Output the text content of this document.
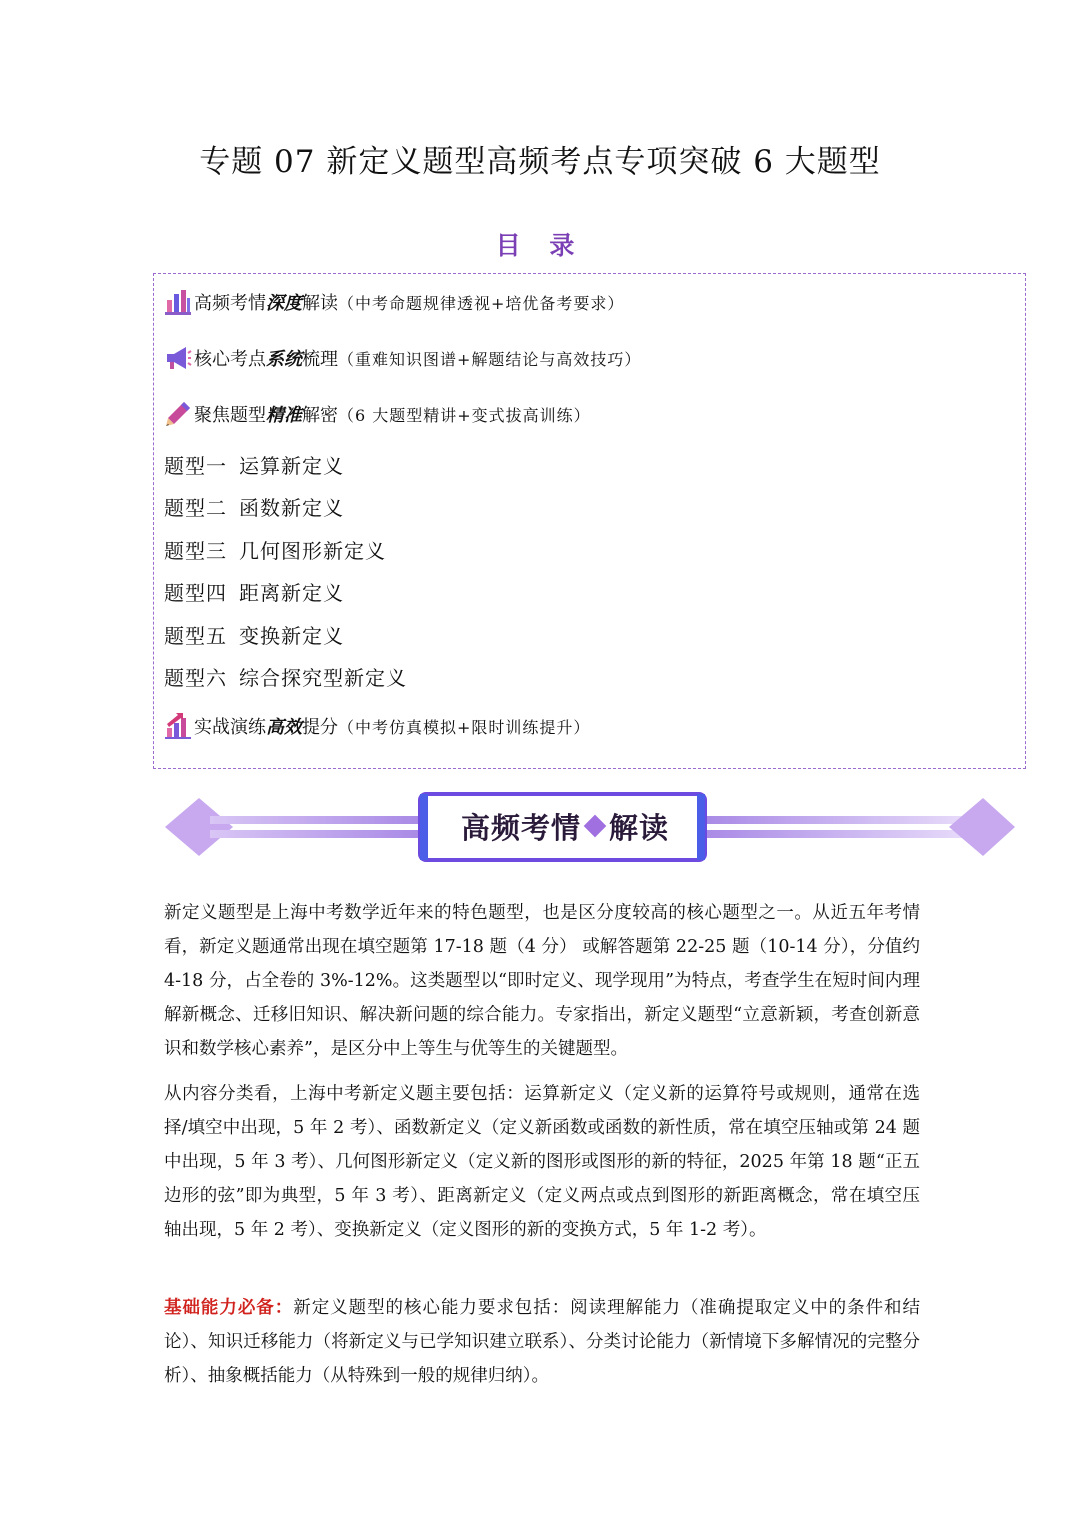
专题 07 新定义题型高频考点专项突破 6 大题型
目 录
高频考情深度解读（中考命题规律透视+培优备考要求）
核心考点系统梳理（重难知识图谱+解题结论与高效技巧）
聚焦题型精准解密（6 大题型精讲+变式拔高训练）
题型一 运算新定义
题型二 函数新定义
题型三 几何图形新定义
题型四 距离新定义
题型五 变换新定义
题型六 综合探究型新定义
实战演练高效提分（中考仿真模拟+限时训练提升）
高频考情 解读
新定义题型是上海中考数学近年来的特色题型，也是区分度较高的核心题型之一。从近五年考情看，新定义题通常出现在填空题第 17-18 题（4 分） 或解答题第 22-25 题（10-14 分），分值约 4-18 分，占全卷的 3%-12%。这类题型以“即时定义、现学现用”为特点，考查学生在短时间内理解新概念、迁移旧知识、解决新问题的综合能力。专家指出，新定义题型“立意新颖，考查创新意识和数学核心素养”，是区分中上等生与优等生的关键题型。
从内容分类看，上海中考新定义题主要包括：运算新定义（定义新的运算符号或规则，通常在选择/填空中出现，5 年 2 考）、函数新定义（定义新函数或函数的新性质，常在填空压轴或第 24 题中出现，5 年 3 考）、几何图形新定义（定义新的图形或图形的新的特征，2025 年第 18 题“正五边形的弦”即为典型，5 年 3 考）、距离新定义（定义两点或点到图形的新距离概念，常在填空压轴出现，5 年 2 考）、变换新定义（定义图形的新的变换方式，5 年 1-2 考）。
基础能力必备：新定义题型的核心能力要求包括：阅读理解能力（准确提取定义中的条件和结论）、知识迁移能力（将新定义与已学知识建立联系）、分类讨论能力（新情境下多解情况的完整分析）、抽象概括能力（从特殊到一般的规律归纳）。
